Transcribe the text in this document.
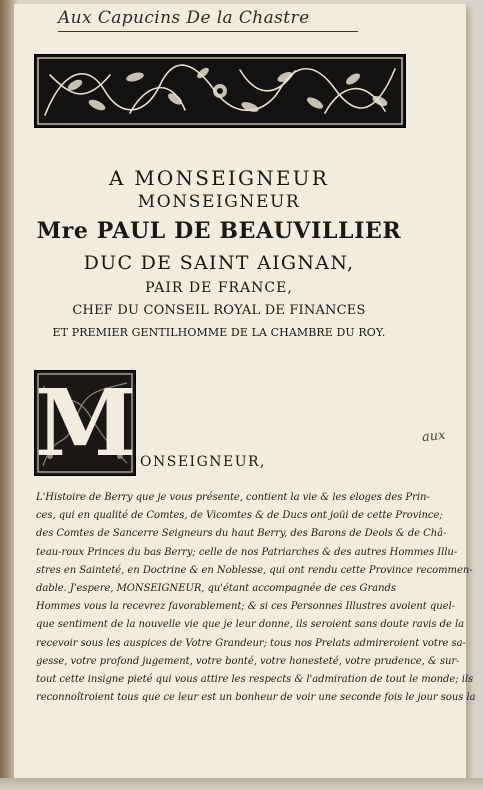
Aux Capucins De la Chastre
A MONSEIGNEUR
MONSEIGNEUR
Mre PAUL DE BEAUVILLIER
DUC DE SAINT AIGNAN,
PAIR DE FRANCE,
CHEF DU CONSEIL ROYAL DE FINANCES
ET PREMIER GENTILHOMME DE LA CHAMBRE DU ROY.
M ONSEIGNEUR,
aux
L'Histoire de Berry que je vous présente, contient la vie & les eloges des Prin-
ces, qui en qualité de Comtes, de Vicomtes & de Ducs ont joüi de cette Province;
des Comtes de Sancerre Seigneurs du haut Berry, des Barons de Deols & de Châ-
teau-roux Princes du bas Berry; celle de nos Patriarches & des autres Hommes Illu-
stres en Sainteté, en Doctrine & en Noblesse, qui ont rendu cette Province recommen-
dable. J'espere, MONSEIGNEUR, qu'étant accompagnée de ces Grands
Hommes vous la recevrez favorablement; & si ces Personnes Illustres avoient quel-
que sentiment de la nouvelle vie que je leur donne, ils seroient sans doute ravis de la
recevoir sous les auspices de Votre Grandeur; tous nos Prelats admireroient votre sa-
gesse, votre profond jugement, votre bonté, votre honesteté, votre prudence, & sur-
tout cette insigne pieté qui vous attire les respects & l'admiration de tout le monde; ils
reconnoîtroient tous que ce leur est un bonheur de voir une seconde fois le jour sous la
